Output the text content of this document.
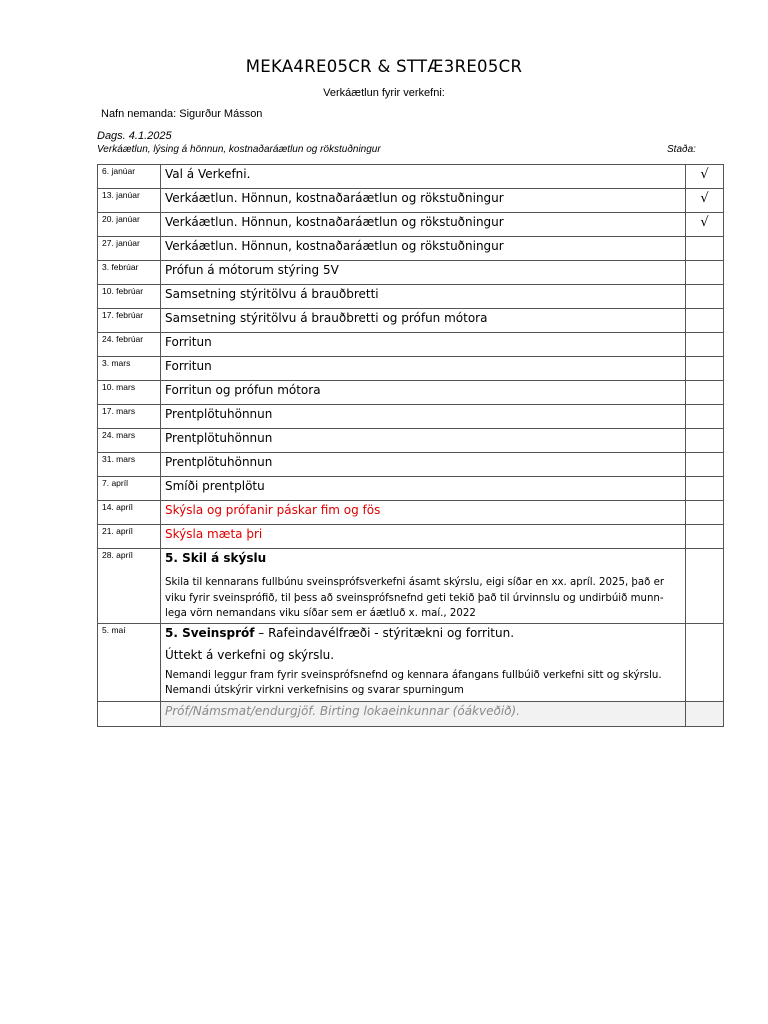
MEKA4RE05CR & STTÆ3RE05CR
Verkáætlun fyrir verkefni:
Nafn nemanda: Sigurður Másson
Dags. 4.1.2025
Verkáætlun, lýsing á hönnun, kostnaðaráætlun og rökstuðningur	Staða:
6. janúar	Val á Verkefni.	√
13. janúar	Verkáætlun. Hönnun, kostnaðaráætlun og rökstuðningur	√
20. janúar	Verkáætlun. Hönnun, kostnaðaráætlun og rökstuðningur	√
27. janúar	Verkáætlun. Hönnun, kostnaðaráætlun og rökstuðningur	
3. febrúar	Prófun á mótorum stýring 5V	
10. febrúar	Samsetning stýritölvu á brauðbretti	
17. febrúar	Samsetning stýritölvu á brauðbretti og prófun mótora	
24. febrúar	Forritun	
3. mars	Forritun	
10. mars	Forritun og prófun mótora	
17. mars	Prentplötuhönnun	
24. mars	Prentplötuhönnun	
31. mars	Prentplötuhönnun	
7. apríl	Smíði prentplötu	
14. apríl	Skýsla og prófanir páskar fim og fös	
21. apríl	Skýsla mæta þri	
28. apríl	5. Skil á skýslu
Skila til kennarans fullbúnu sveinsprófsverkefni ásamt skýrslu, eigi síðar en xx. apríl. 2025, það er viku fyrir sveinsprófið, til þess að sveinsprófsnefnd geti tekið það til úrvinnslu og undirbúið munn-lega vörn nemandans viku síðar sem er áætluð x. maí., 2022	

5. maí	5. Sveinspróf – Rafeindavélfræði - stýritækni og forritun.
Úttekt á verkefni og skýrslu.
Nemandi leggur fram fyrir sveinsprófsnefnd og kennara áfangans fullbúið verkefni sitt og skýrslu. Nemandi útskýrir virkni verkefnisins og svarar spurningum	

	Próf/Námsmat/endurgjöf. Birting lokaeinkunnar (óákveðið).	
